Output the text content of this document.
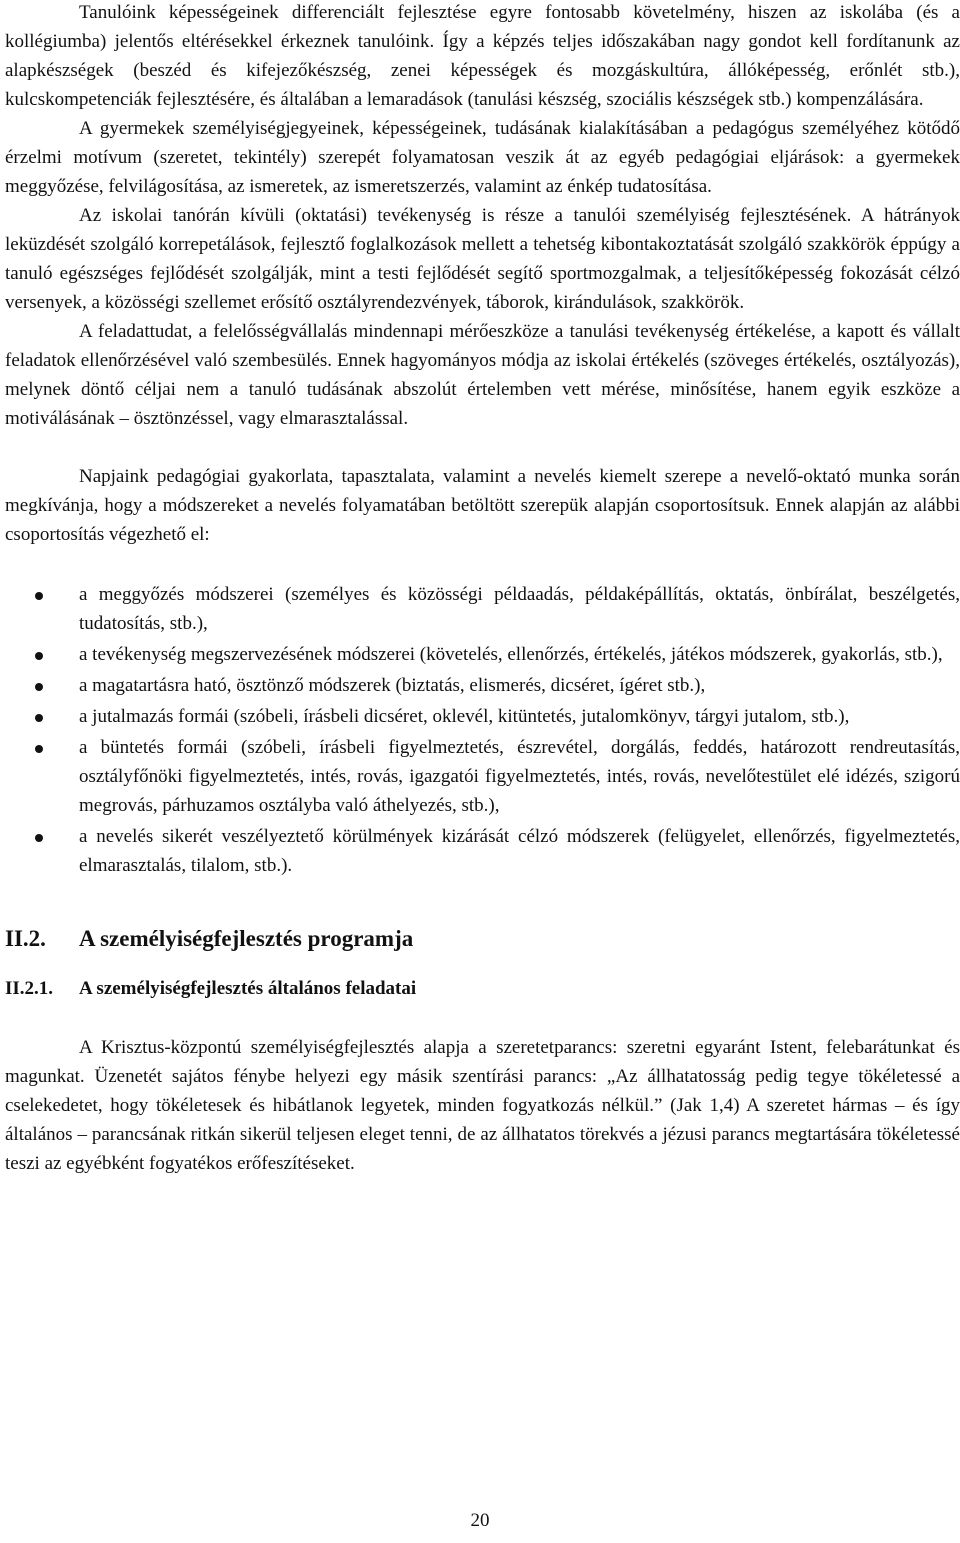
Tanulóink képességeinek differenciált fejlesztése egyre fontosabb követelmény, hiszen az iskolába (és a kollégiumba) jelentős eltérésekkel érkeznek tanulóink. Így a képzés teljes időszakában nagy gondot kell fordítanunk az alapkészségek (beszéd és kifejezőkészség, zenei képességek és mozgáskultúra, állóképesség, erőnlét stb.), kulcskompetenciák fejlesztésére, és általában a lemaradások (tanulási készség, szociális készségek stb.) kompenzálására.

A gyermekek személyiségjegyeinek, képességeinek, tudásának kialakításában a pedagógus személyéhez kötődő érzelmi motívum (szeretet, tekintély) szerepét folyamatosan veszik át az egyéb pedagógiai eljárások: a gyermekek meggyőzése, felvilágosítása, az ismeretek, az ismeretszerzés, valamint az énkép tudatosítása.

Az iskolai tanórán kívüli (oktatási) tevékenység is része a tanulói személyiség fejlesztésének. A hátrányok leküzdését szolgáló korrepetálások, fejlesztő foglalkozások mellett a tehetség kibontakoztatását szolgáló szakkörök éppúgy a tanuló egészséges fejlődését szolgálják, mint a testi fejlődését segítő sportmozgalmak, a teljesítőképesség fokozását célzó versenyek, a közösségi szellemet erősítő osztályrendezvények, táborok, kirándulások, szakkörök.

A feladattudat, a felelősségvállalás mindennapi mérőeszköze a tanulási tevékenység értékelése, a kapott és vállalt feladatok ellenőrzésével való szembesülés. Ennek hagyományos módja az iskolai értékelés (szöveges értékelés, osztályozás), melynek döntő céljai nem a tanuló tudásának abszolút értelemben vett mérése, minősítése, hanem egyik eszköze a motiválásának – ösztönzéssel, vagy elmarasztalással.

Napjaink pedagógiai gyakorlata, tapasztalata, valamint a nevelés kiemelt szerepe a nevelő-oktató munka során megkívánja, hogy a módszereket a nevelés folyamatában betöltött szerepük alapján csoportosítsuk. Ennek alapján az alábbi csoportosítás végezhető el:

a meggyőzés módszerei (személyes és közösségi példaadás, példaképállítás, oktatás, önbírálat, beszélgetés, tudatosítás, stb.),
a tevékenység megszervezésének módszerei (követelés, ellenőrzés, értékelés, játékos módszerek, gyakorlás, stb.),
a magatartásra ható, ösztönző módszerek (biztatás, elismerés, dicséret, ígéret stb.),
a jutalmazás formái (szóbeli, írásbeli dicséret, oklevél, kitüntetés, jutalomkönyv, tárgyi jutalom, stb.),
a büntetés formái (szóbeli, írásbeli figyelmeztetés, észrevétel, dorgálás, feddés, határozott rendreutasítás, osztályfőnöki figyelmeztetés, intés, rovás, igazgatói figyelmeztetés, intés, rovás, nevelőtestület elé idézés, szigorú megrovás, párhuzamos osztályba való áthelyezés, stb.),
a nevelés sikerét veszélyeztető körülmények kizárását célzó módszerek (felügyelet, ellenőrzés, figyelmeztetés, elmarasztalás, tilalom, stb.).
II.2.	A személyiségfejlesztés programja
II.2.1.	A személyiségfejlesztés általános feladatai

A Krisztus-központú személyiségfejlesztés alapja a szeretetparancs: szeretni egyaránt Istent, felebarátunkat és magunkat. Üzenetét sajátos fénybe helyezi egy másik szentírási parancs: „Az állhatatosság pedig tegye tökéletessé a cselekedetet, hogy tökéletesek és hibátlanok legyetek, minden fogyatkozás nélkül.” (Jak 1,4) A szeretet hármas – és így általános – parancsának ritkán sikerül teljesen eleget tenni, de az állhatatos törekvés a jézusi parancs megtartására tökéletessé teszi az egyébként fogyatékos erőfeszítéseket.

20
